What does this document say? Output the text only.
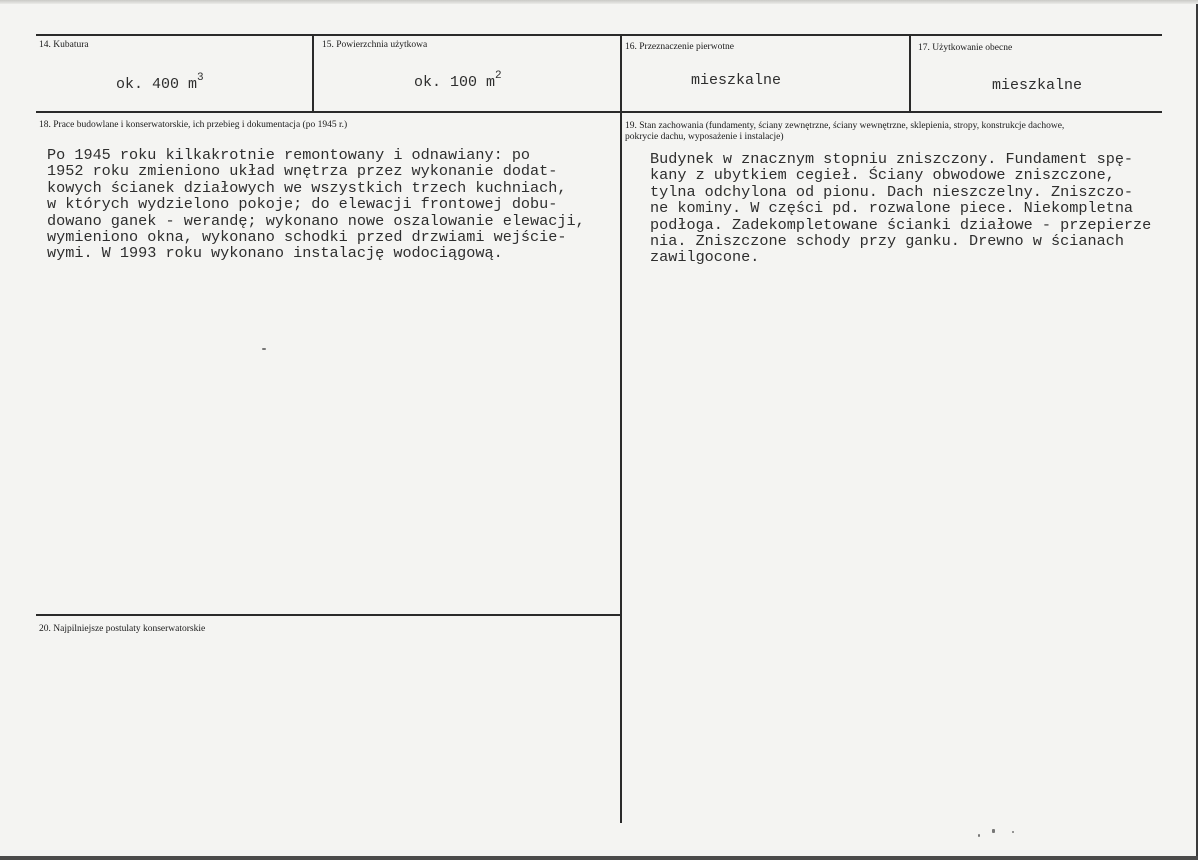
14. Kubatura
ok. 400 $m^3$
15. Powierzchnia użytkowa
ok. 100 $m^2$
16. Przeznaczenie pierwotne
mieszkalne
17. Użytkowanie obecne
mieszkalne
18. Prace budowlane i konserwatorskie, ich przebieg i dokumentacja (po 1945 r.)
Po 1945 roku kilkakrotnie remontowany i odnawiany: po
1952 roku zmieniono układ wnętrza przez wykonanie dodat-
kowych ścianek działowych we wszystkich trzech kuchniach,
w których wydzielono pokoje; do elewacji frontowej dobu-
dowano ganek - werandę; wykonano nowe oszalowanie elewacji,
wymieniono okna, wykonano schodki przed drzwiami wejście-
wymi. W 1993 roku wykonano instalację wodociągową.
19. Stan zachowania (fundamenty, ściany zewnętrzne, ściany wewnętrzne, sklepienia, stropy, konstrukcje dachowe,
pokrycie dachu, wyposażenie i instalacje)
Budynek w znacznym stopniu zniszczony. Fundament spę-
kany z ubytkiem cegieł. Ściany obwodowe zniszczone,
tylna odchylona od pionu. Dach nieszczelny. Zniszczo-
ne kominy. W części pd. rozwalone piece. Niekompletna
podłoga. Zadekompletowane ścianki działowe - przepierze
nia. Zniszczone schody przy ganku. Drewno w ścianach
zawilgocone.
20. Najpilniejsze postulaty konserwatorskie
